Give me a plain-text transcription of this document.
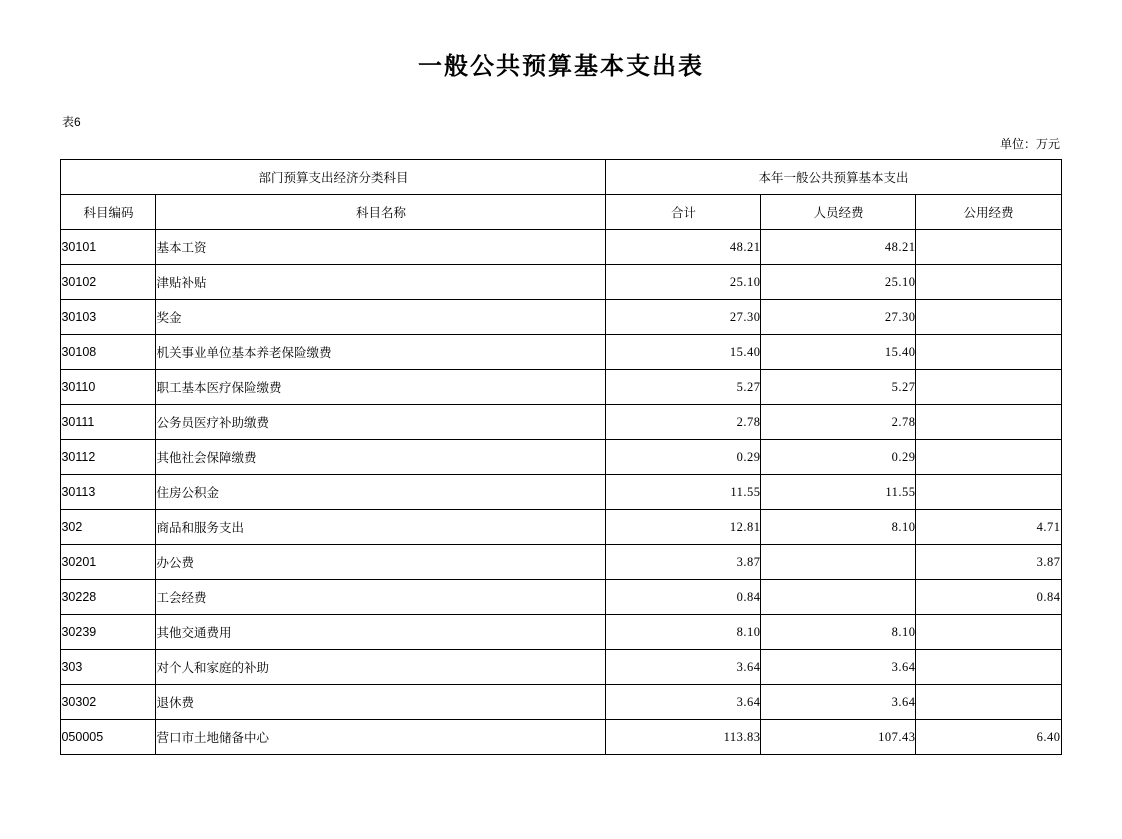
一般公共预算基本支出表
表6
单位：万元
部门预算支出经济分类科目		本年一般公共预算基本支出		
科目编码	科目名称	合计	人员经费	公用经费
30101	基本工资	48.21	48.21	
30102	津贴补贴	25.10	25.10	
30103	奖金	27.30	27.30	
30108	机关事业单位基本养老保险缴费	15.40	15.40	
30110	职工基本医疗保险缴费	5.27	5.27	
30111	公务员医疗补助缴费	2.78	2.78	
30112	其他社会保障缴费	0.29	0.29	
30113	住房公积金	11.55	11.55	
302	商品和服务支出	12.81	8.10	4.71
30201	办公费	3.87		3.87
30228	工会经费	0.84		0.84
30239	其他交通费用	8.10	8.10	
303	对个人和家庭的补助	3.64	3.64	
30302	退休费	3.64	3.64	
050005	营口市土地储备中心	113.83	107.43	6.40
